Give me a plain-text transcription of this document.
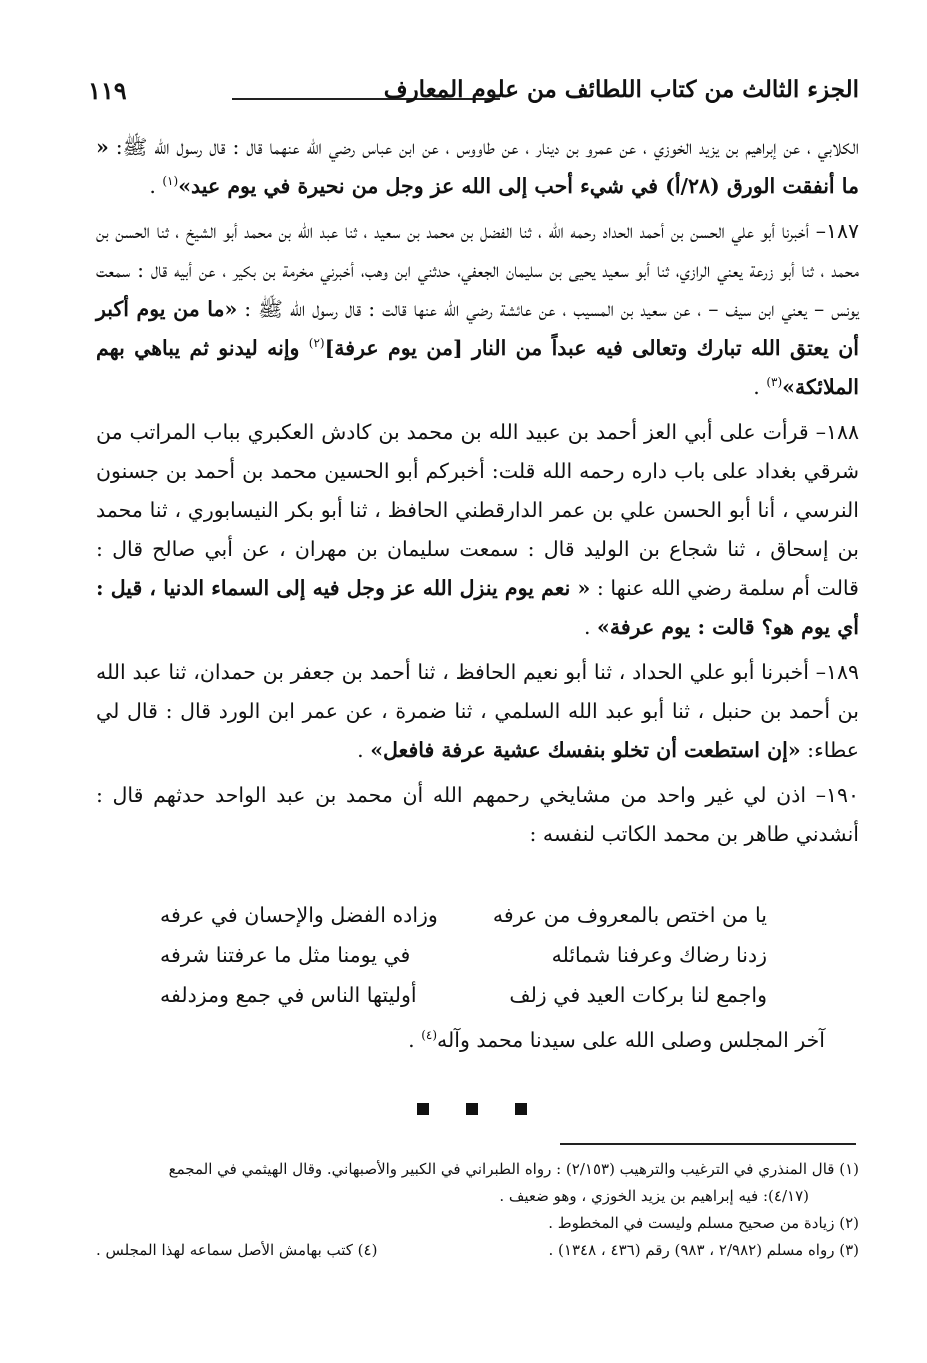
١١٩	الجزء الثالث من كتاب اللطائف من علوم المعارف

الكلابي ، عن إبراهيم بن يزيد الخوزي ، عن عمرو بن دينار ، عن طاووس ، عن ابن عباس رضي الله عنهما قال : قال رسول الله ﷺ: « ما أنفقت الورق (٢٨/أ) في شيء أحب إلى الله عز وجل من نحيرة في يوم عيد»$^{(١)}$ .

١٨٧– أخبرنا أبو علي الحسن بن أحمد الحداد رحمه الله ، ثنا الفضل بن محمد بن سعيد ، ثنا عبد الله بن محمد أبو الشيخ ، ثنا الحسن بن محمد ، ثنا أبو زرعة يعني الرازي، ثنا أبو سعيد يحيى بن سليمان الجعفي، حدثني ابن وهب، أخبرني مخرمة بن بكير ، عن أبيه قال : سمعت يونس – يعني ابن سيف – ، عن سعيد بن المسيب ، عن عائشة رضي الله عنها قالت : قال رسول الله ﷺ : «ما من يوم أكبر أن يعتق الله تبارك وتعالى فيه عبداً من النار [من يوم عرفة]$^{(٢)}$ وإنه ليدنو ثم يباهي بهم الملائكة»$^{(٣)}$ .

١٨٨– قرأت على أبي العز أحمد بن عبيد الله بن محمد بن كادش العكبري بباب المراتب من شرقي بغداد على باب داره رحمه الله قلت: أخبركم أبو الحسين محمد بن أحمد بن جسنون النرسي ، أنا أبو الحسن علي بن عمر الدارقطني الحافظ ، ثنا أبو بكر النيسابوري ، ثنا محمد بن إسحاق ، ثنا شجاع بن الوليد قال : سمعت سليمان بن مهران ، عن أبي صالح قال : قالت أم سلمة رضي الله عنها : « نعم يوم ينزل الله عز وجل فيه إلى السماء الدنيا ، قيل : أي يوم هو؟ قالت : يوم عرفة» .

١٨٩– أخبرنا أبو علي الحداد ، ثنا أبو نعيم الحافظ ، ثنا أحمد بن جعفر بن حمدان، ثنا عبد الله بن أحمد بن حنبل ، ثنا أبو عبد الله السلمي ، ثنا ضمرة ، عن عمر ابن الورد قال : قال لي عطاء: «إن استطعت أن تخلو بنفسك عشية عرفة فافعل» .

١٩٠– اذن لي غير واحد من مشايخي رحمهم الله أن محمد بن عبد الواحد حدثهم قال : أنشدني طاهر بن محمد الكاتب لنفسه :

يا من اختص بالمعروف من عرفه
وزاده الفضل والإحسان في عرفه
زدنا رضاك وعرفنا شمائله
في يومنا مثل ما عرفتنا شرفه
واجمع لنا بركات العيد في زلف
أوليتها الناس في جمع ومزدلفه
آخر المجلس وصلى الله على سيدنا محمد وآله$^{(٤)}$ .
(١) قال المنذري في الترغيب والترهيب (٢/١٥٣) : رواه الطبراني في الكبير والأصبهاني. وقال الهيثمي في المجمع
(٤/١٧): فيه إبراهيم بن يزيد الخوزي ، وهو ضعيف .
(٢) زيادة من صحيح مسلم وليست في المخطوط .
(٣) رواه مسلم (٢/٩٨٢ ، ٩٨٣) رقم (٤٣٦ ، ١٣٤٨) .
(٤) كتب بهامش الأصل سماعه لهذا المجلس .
